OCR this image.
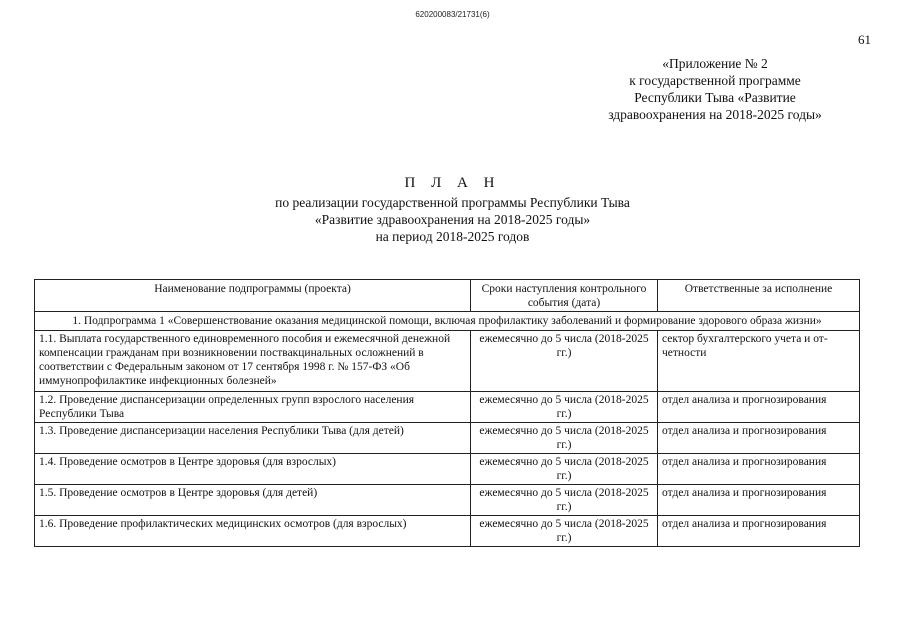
620200083/21731(6)
61
«Приложение № 2
к государственной программе
Республики Тыва «Развитие
здравоохранения на 2018-2025 годы»
П Л А Н
по реализации государственной программы Республики Тыва
«Развитие здравоохранения на 2018-2025 годы»
на период 2018-2025 годов
Наименование подпрограммы (проекта)	Сроки наступления контрольного события (дата)	Ответственные за исполнение
1. Подпрограмма 1 «Совершенствование оказания медицинской помощи, включая профилактику заболеваний и формирование здорового образа жизни»		
1.1. Выплата государственного единовременного пособия и ежемесячной денежной компенсации гражданам при возникновении поствакцинальных осложнений в соответствии с Федеральным законом от 17 сентября 1998 г. № 157-ФЗ «Об иммунопрофилактике инфекционных болезней»	ежемесячно до 5 числа (2018-2025 гг.)	сектор бухгалтерского учета и от-четности
1.2. Проведение диспансеризации определенных групп взрослого населения Республики Тыва	ежемесячно до 5 числа (2018-2025 гг.)	отдел анализа и прогнозирования
1.3. Проведение диспансеризации населения Республики Тыва (для детей)	ежемесячно до 5 числа (2018-2025 гг.)	отдел анализа и прогнозирования
1.4. Проведение осмотров в Центре здоровья (для взрослых)	ежемесячно до 5 числа (2018-2025 гг.)	отдел анализа и прогнозирования
1.5. Проведение осмотров в Центре здоровья (для детей)	ежемесячно до 5 числа (2018-2025 гг.)	отдел анализа и прогнозирования
1.6. Проведение профилактических медицинских осмотров (для взрослых)	ежемесячно до 5 числа (2018-2025 гг.)	отдел анализа и прогнозирования
